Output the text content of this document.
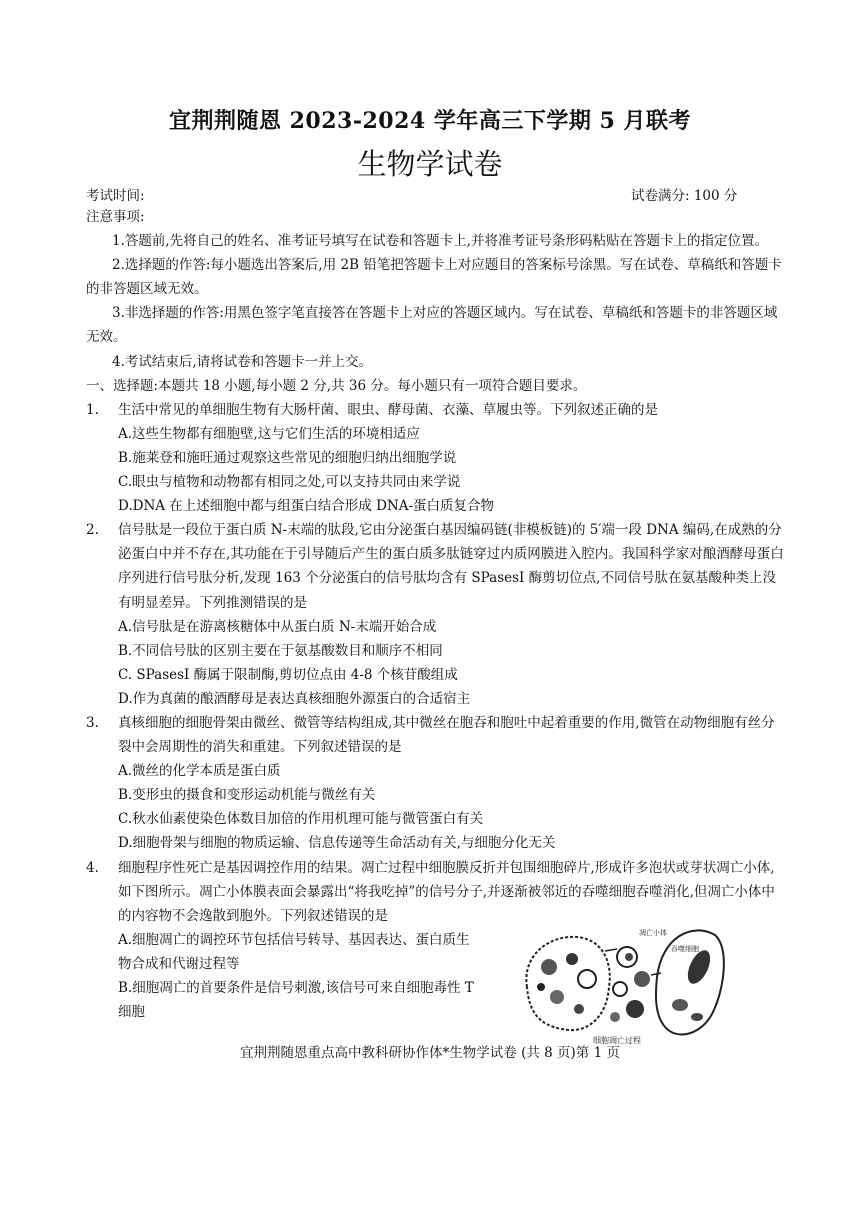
宜荆荆随恩 2023-2024 学年高三下学期 5 月联考
生物学试卷
考试时间:	试卷满分: 100 分
注意事项:
1.答题前,先将自己的姓名、准考证号填写在试卷和答题卡上,并将准考证号条形码粘贴在答题卡上的指定位置。
2.选择题的作答:每小题选出答案后,用 2B 铅笔把答题卡上对应题目的答案标号涂黑。写在试卷、草稿纸和答题卡的非答题区域无效。
3.非选择题的作答:用黑色签字笔直接答在答题卡上对应的答题区域内。写在试卷、草稿纸和答题卡的非答题区域无效。
4.考试结束后,请将试卷和答题卡一并上交。
一、选择题:本题共 18 小题,每小题 2 分,共 36 分。每小题只有一项符合题目要求。
1.	生活中常见的单细胞生物有大肠杆菌、眼虫、酵母菌、衣藻、草履虫等。下列叙述正确的是
A.这些生物都有细胞壁,这与它们生活的环境相适应
B.施莱登和施旺通过观察这些常见的细胞归纳出细胞学说
C.眼虫与植物和动物都有相同之处,可以支持共同由来学说
D.DNA 在上述细胞中都与组蛋白结合形成 DNA-蛋白质复合物
2.	信号肽是一段位于蛋白质 N-末端的肽段,它由分泌蛋白基因编码链(非模板链)的 5′端一段 DNA 编码,在成熟的分泌蛋白中并不存在,其功能在于引导随后产生的蛋白质多肽链穿过内质网膜进入腔内。我国科学家对酿酒酵母蛋白序列进行信号肽分析,发现 163 个分泌蛋白的信号肽均含有 SPasesI 酶剪切位点,不同信号肽在氨基酸种类上没有明显差异。下列推测错误的是
A.信号肽是在游离核糖体中从蛋白质 N-末端开始合成
B.不同信号肽的区别主要在于氨基酸数目和顺序不相同
C. SPasesI 酶属于限制酶,剪切位点由 4-8 个核苷酸组成
D.作为真菌的酿酒酵母是表达真核细胞外源蛋白的合适宿主
3.	真核细胞的细胞骨架由微丝、微管等结构组成,其中微丝在胞吞和胞吐中起着重要的作用,微管在动物细胞有丝分裂中会周期性的消失和重建。下列叙述错误的是
A.微丝的化学本质是蛋白质
B.变形虫的摄食和变形运动机能与微丝有关
C.秋水仙素使染色体数目加倍的作用机理可能与微管蛋白有关
D.细胞骨架与细胞的物质运输、信息传递等生命活动有关,与细胞分化无关
4.	细胞程序性死亡是基因调控作用的结果。凋亡过程中细胞膜反折并包围细胞碎片,形成许多泡状或芽状凋亡小体,如下图所示。凋亡小体膜表面会暴露出“将我吃掉”的信号分子,并逐渐被邻近的吞噬细胞吞噬消化,但凋亡小体中的内容物不会逸散到胞外。下列叙述错误的是
A.细胞凋亡的调控环节包括信号转导、基因表达、蛋白质生物合成和代谢过程等
B.细胞凋亡的首要条件是信号刺激,该信号可来自细胞毒性 T 细胞
凋亡小体
吞噬细胞
细胞凋亡过程
宜荆荆随恩重点高中教科研协作体*生物学试卷 (共 8 页)第 1 页
